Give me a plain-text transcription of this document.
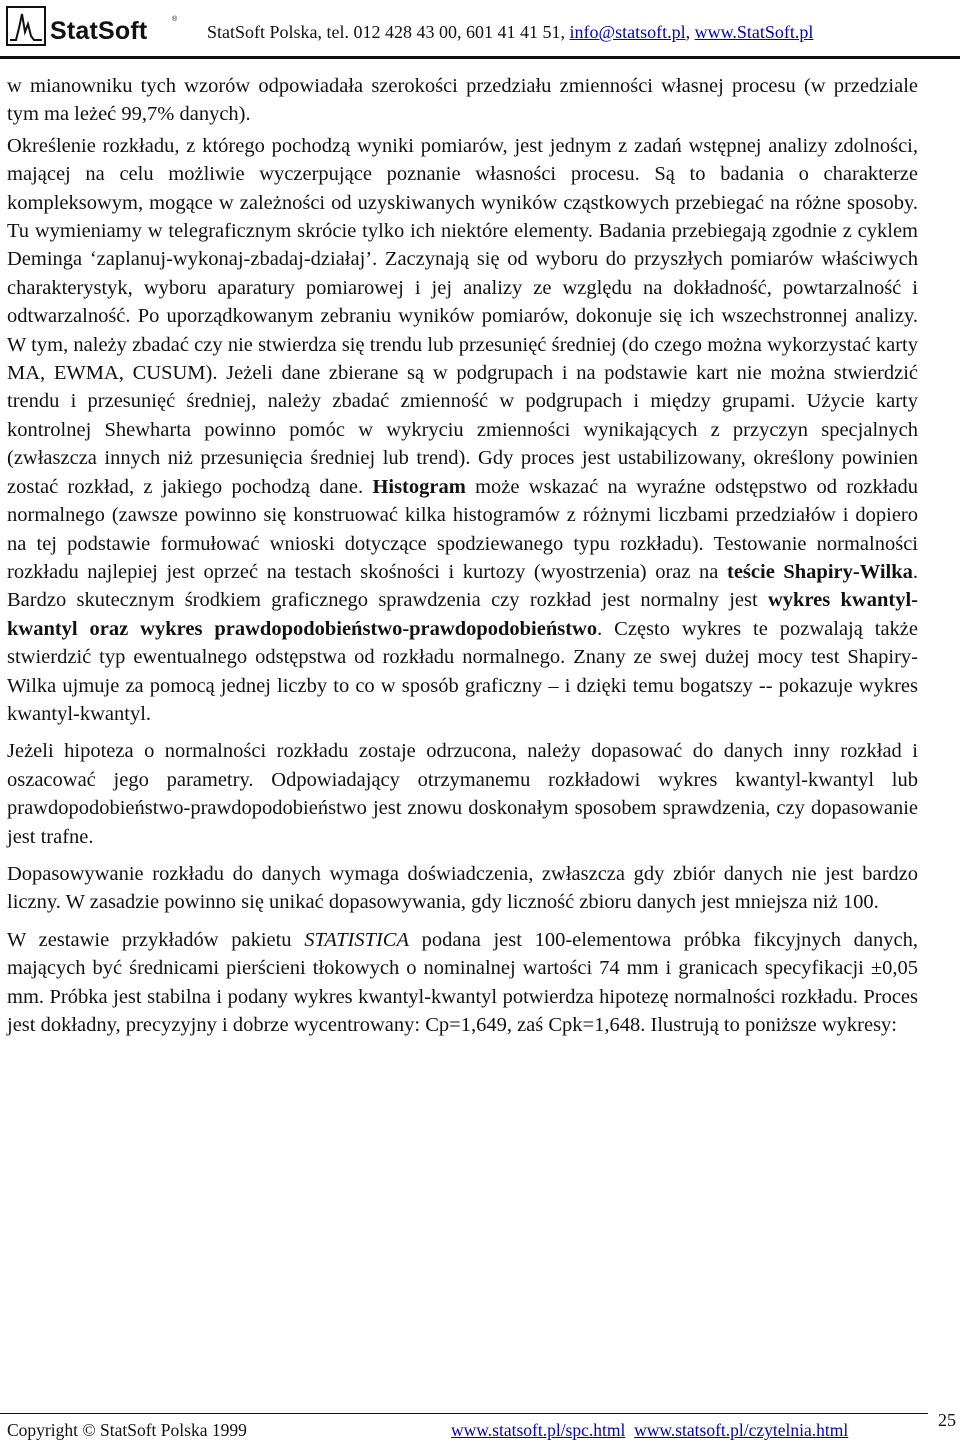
StatSoft	®
StatSoft Polska, tel. 012 428 43 00, 601 41 41 51, info@statsoft.pl, www.StatSoft.pl

w mianowniku tych wzorów odpowiadała szerokości przedziału zmienności własnej procesu (w przedziale tym ma leżeć 99,7% danych).

Określenie rozkładu, z którego pochodzą wyniki pomiarów, jest jednym z zadań wstępnej analizy zdolności, mającej na celu możliwie wyczerpujące poznanie własności procesu. Są to badania o charakterze kompleksowym, mogące w zależności od uzyskiwanych wyników cząstkowych przebiegać na różne sposoby. Tu wymieniamy w telegraficznym skrócie tylko ich niektóre elementy. Badania przebiegają zgodnie z cyklem Deminga ‘zaplanuj-wykonaj-zbadaj-działaj’. Zaczynają się od wyboru do przyszłych pomiarów właściwych charakterystyk, wyboru aparatury pomiarowej i jej analizy ze względu na dokładność, powtarzalność i odtwarzalność. Po uporządkowanym zebraniu wyników pomiarów, dokonuje się ich wszechstronnej analizy. W tym, należy zbadać czy nie stwierdza się trendu lub przesunięć średniej (do czego można wykorzystać karty MA, EWMA, CUSUM). Jeżeli dane zbierane są w podgrupach i na podstawie kart nie można stwierdzić trendu i przesunięć średniej, należy zbadać zmienność w podgrupach i między grupami. Użycie karty kontrolnej Shewharta powinno pomóc w wykryciu zmienności wynikających z przyczyn specjalnych (zwłaszcza innych niż przesunięcia średniej lub trend). Gdy proces jest ustabilizowany, określony powinien zostać rozkład, z jakiego pochodzą dane. Histogram może wskazać na wyraźne odstępstwo od rozkładu normalnego (zawsze powinno się konstruować kilka histogramów z różnymi liczbami przedziałów i dopiero na tej podstawie formułować wnioski dotyczące spodziewanego typu rozkładu). Testowanie normalności rozkładu najlepiej jest oprzeć na testach skośności i kurtozy (wyostrzenia) oraz na teście Shapiry-Wilka. Bardzo skutecznym środkiem graficznego sprawdzenia czy rozkład jest normalny jest wykres kwantyl-kwantyl oraz wykres prawdopodobieństwo-prawdopodobieństwo. Często wykres te pozwalają także stwierdzić typ ewentualnego odstępstwa od rozkładu normalnego. Znany ze swej dużej mocy test Shapiry-Wilka ujmuje za pomocą jednej liczby to co w sposób graficzny – i dzięki temu bogatszy -- pokazuje wykres kwantyl-kwantyl.

Jeżeli hipoteza o normalności rozkładu zostaje odrzucona, należy dopasować do danych inny rozkład i oszacować jego parametry. Odpowiadający otrzymanemu rozkładowi wykres kwantyl-kwantyl lub prawdopodobieństwo-prawdopodobieństwo jest znowu doskonałym sposobem sprawdzenia, czy dopasowanie jest trafne.

Dopasowywanie rozkładu do danych wymaga doświadczenia, zwłaszcza gdy zbiór danych nie jest bardzo liczny. W zasadzie powinno się unikać dopasowywania, gdy liczność zbioru danych jest mniejsza niż 100.

W zestawie przykładów pakietu STATISTICA podana jest 100-elementowa próbka fikcyjnych danych, mających być średnicami pierścieni tłokowych o nominalnej wartości 74 mm i granicach specyfikacji ±0,05 mm. Próbka jest stabilna i podany wykres kwantyl-kwantyl potwierdza hipotezę normalności rozkładu. Proces jest dokładny, precyzyjny i dobrze wycentrowany: Cp=1,649, zaś Cpk=1,648. Ilustrują to poniższe wykresy:

Copyright © StatSoft Polska 1999	www.statsoft.pl/spc.html www.statsoft.pl/czytelnia.html	25
